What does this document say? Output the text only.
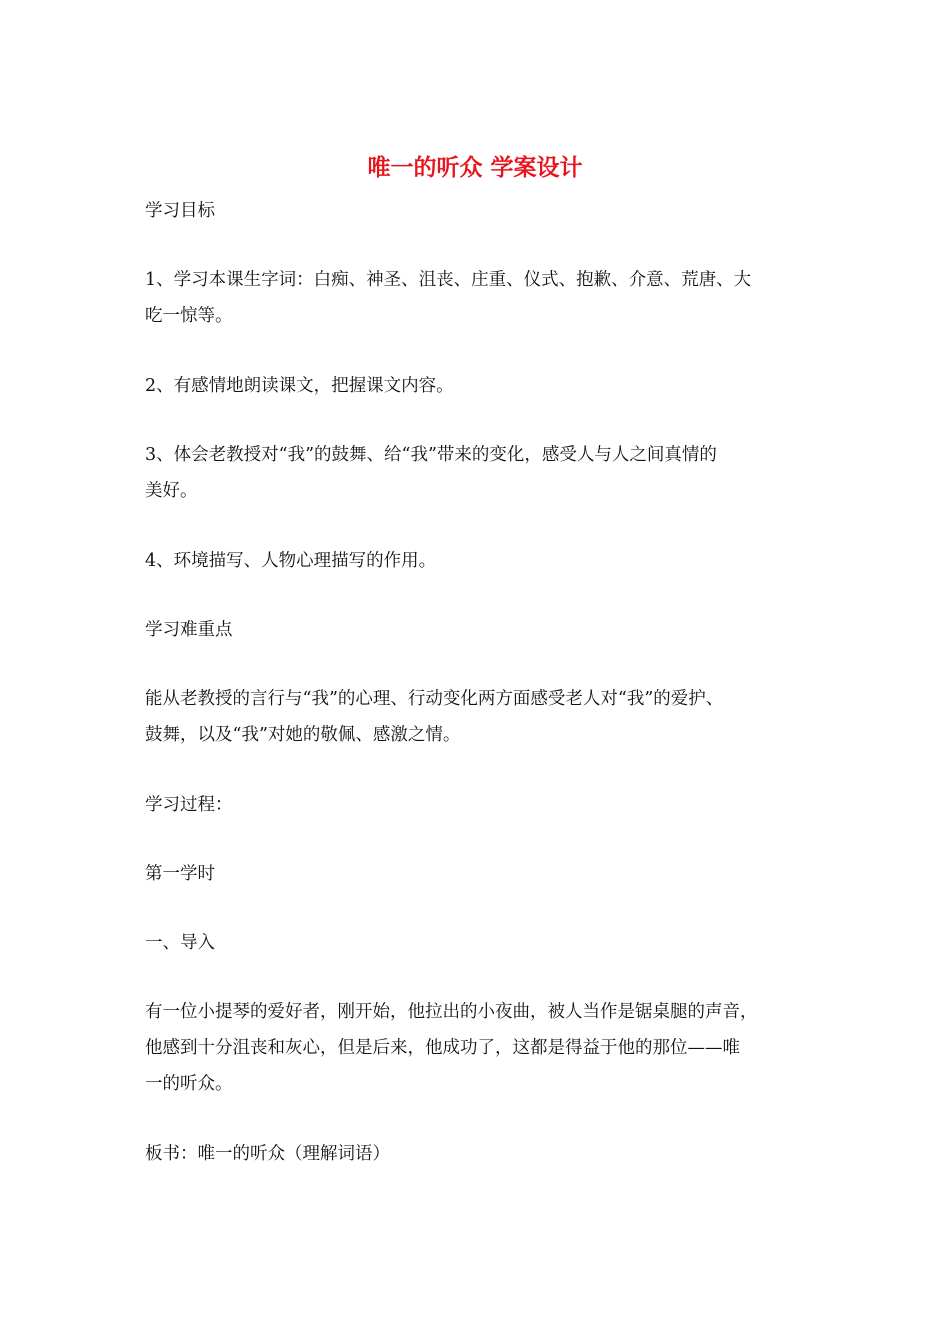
唯一的听众 学案设计
学习目标
1、学习本课生字词：白痴、神圣、沮丧、庄重、仪式、抱歉、介意、荒唐、大
吃一惊等。
2、有感情地朗读课文，把握课文内容。
3、体会老教授对“我”的鼓舞、给“我”带来的变化，感受人与人之间真情的
美好。
4、环境描写、人物心理描写的作用。
学习难重点
能从老教授的言行与“我”的心理、行动变化两方面感受老人对“我”的爱护、
鼓舞，以及“我”对她的敬佩、感激之情。
学习过程：
第一学时
一、导入
有一位小提琴的爱好者，刚开始，他拉出的小夜曲，被人当作是锯桌腿的声音，
他感到十分沮丧和灰心，但是后来，他成功了，这都是得益于他的那位——唯
一的听众。
板书：唯一的听众（理解词语）
